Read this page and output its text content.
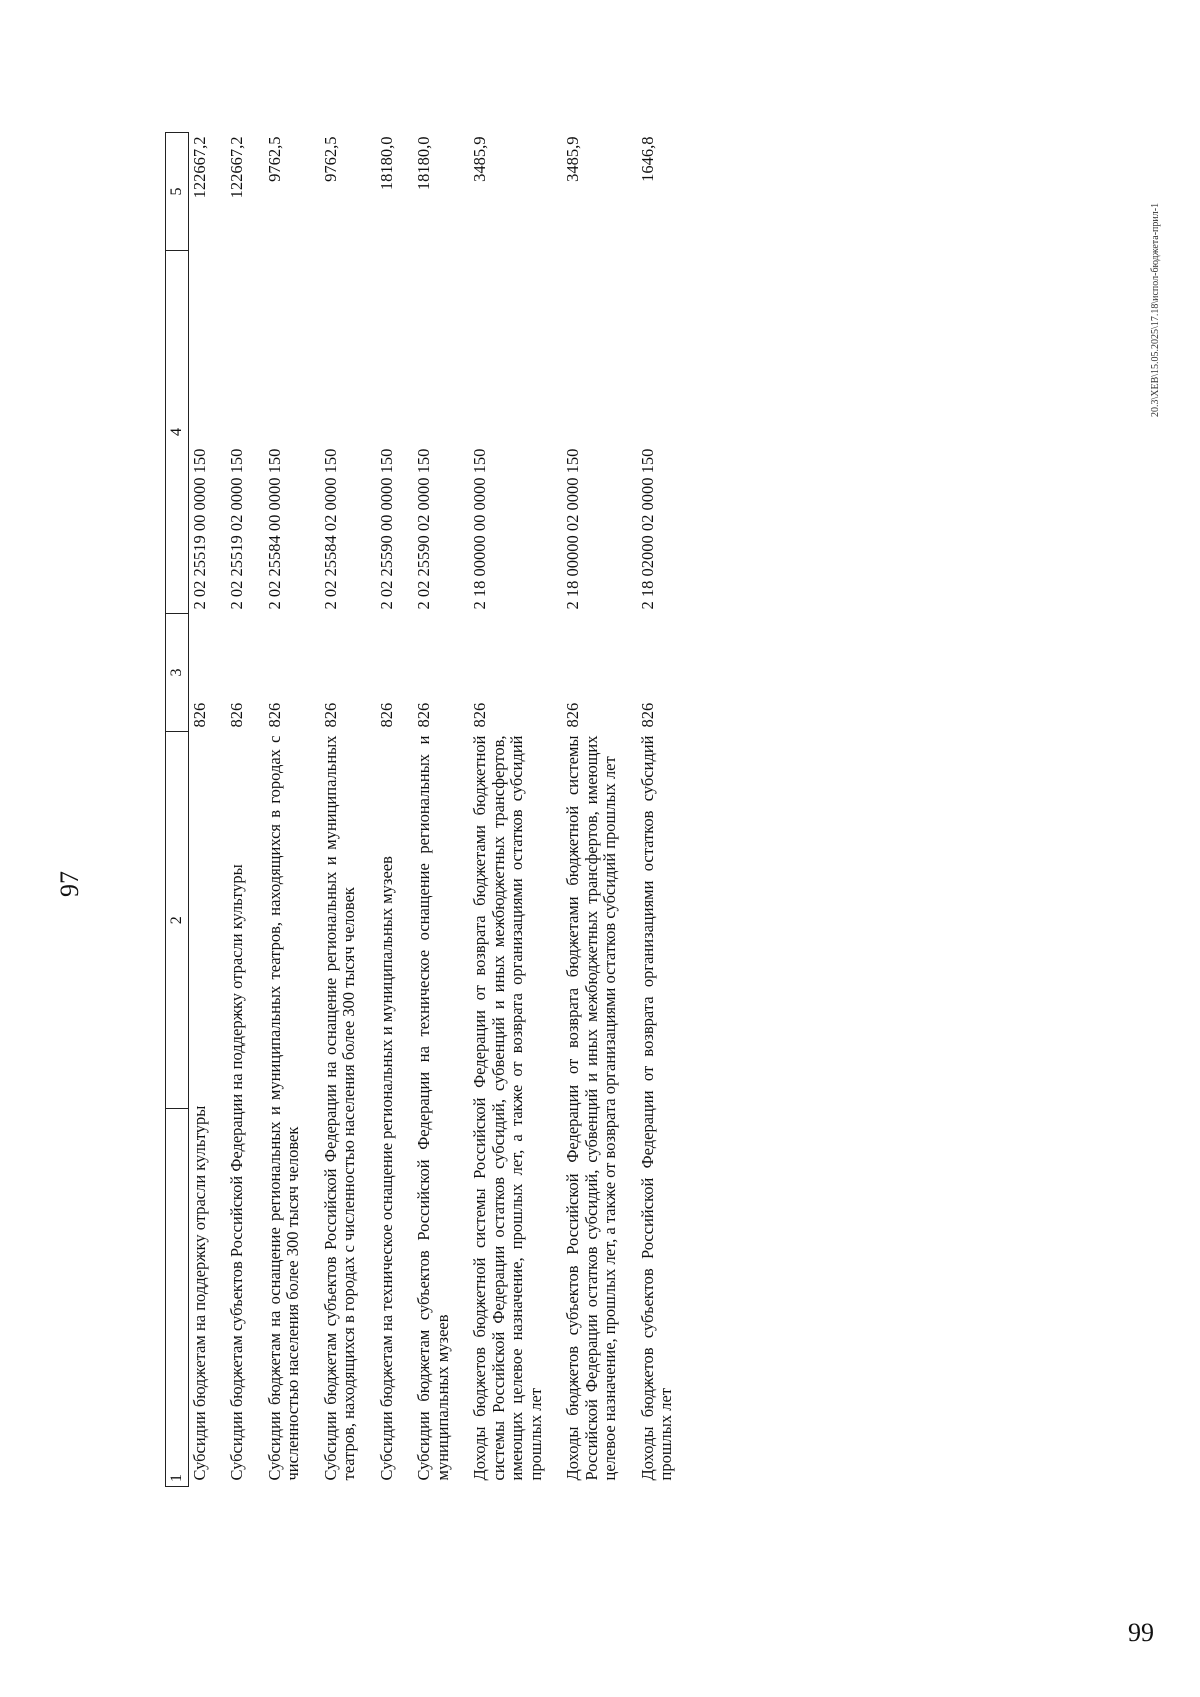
97
1	2	3	4	5
Субсидии бюджетам на поддержку отрасли культуры		826	2 02 25519 00 0000 150	122667,2
Субсидии бюджетам субъектов Российской Федерации на поддержку отрасли культуры		826	2 02 25519 02 0000 150	122667,2
Субсидии бюджетам на оснащение региональных и муниципальных театров, находящихся в городах с численностью населения более 300 тысяч человек		826	2 02 25584 00 0000 150	9762,5
Субсидии бюджетам субъектов Российской Федерации на оснащение региональных и муниципальных театров, находящихся в городах с численностью населения более 300 тысяч человек		826	2 02 25584 02 0000 150	9762,5
Субсидии бюджетам на техническое оснащение региональных и муниципальных музеев		826	2 02 25590 00 0000 150	18180,0
Субсидии бюджетам субъектов Российской Федерации на техническое оснащение региональных и муниципальных музеев		826	2 02 25590 02 0000 150	18180,0
Доходы бюджетов бюджетной системы Российской Федерации от возврата бюджетами бюджетной системы Российской Федерации остатков субсидий, субвенций и иных межбюджетных трансфертов, имеющих целевое назначение, прошлых лет, а также от возврата организациями остатков субсидий прошлых лет		826	2 18 00000 00 0000 150	3485,9
Доходы бюджетов субъектов Российской Федерации от возврата бюджетами бюджетной системы Российской Федерации остатков субсидий, субвенций и иных межбюджетных трансфертов, имеющих целевое назначение, прошлых лет, а также от возврата организациями остатков субсидий прошлых лет		826	2 18 00000 02 0000 150	3485,9
Доходы бюджетов субъектов Российской Федерации от возврата организациями остатков субсидий прошлых лет		826	2 18 02000 02 0000 150	1646,8
20.3\XEB\15.05.2025\17.18\испол-бюджета-прил-1
99
